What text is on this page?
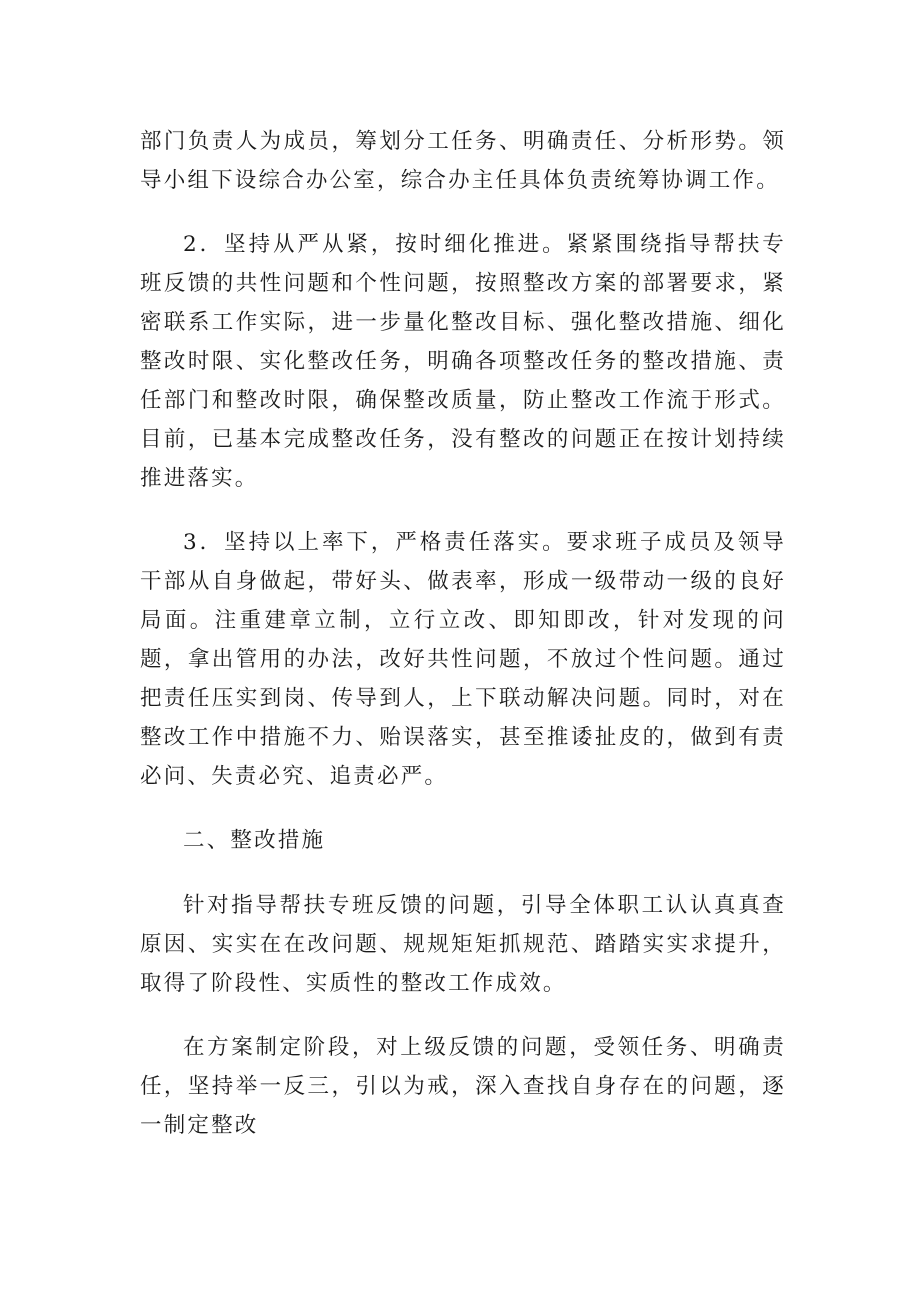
部门负责人为成员，筹划分工任务、明确责任、分析形势。领导小组下设综合办公室，综合办主任具体负责统筹协调工作。

2．坚持从严从紧，按时细化推进。紧紧围绕指导帮扶专班反馈的共性问题和个性问题，按照整改方案的部署要求，紧密联系工作实际，进一步量化整改目标、强化整改措施、细化整改时限、实化整改任务，明确各项整改任务的整改措施、责任部门和整改时限，确保整改质量，防止整改工作流于形式。目前，已基本完成整改任务，没有整改的问题正在按计划持续推进落实。

3．坚持以上率下，严格责任落实。要求班子成员及领导干部从自身做起，带好头、做表率，形成一级带动一级的良好局面。注重建章立制，立行立改、即知即改，针对发现的问题，拿出管用的办法，改好共性问题，不放过个性问题。通过把责任压实到岗、传导到人，上下联动解决问题。同时，对在整改工作中措施不力、贻误落实，甚至推诿扯皮的，做到有责必问、失责必究、追责必严。

二、整改措施

针对指导帮扶专班反馈的问题，引导全体职工认认真真查原因、实实在在改问题、规规矩矩抓规范、踏踏实实求提升，取得了阶段性、实质性的整改工作成效。

在方案制定阶段，对上级反馈的问题，受领任务、明确责任，坚持举一反三，引以为戒，深入查找自身存在的问题，逐一制定整改
